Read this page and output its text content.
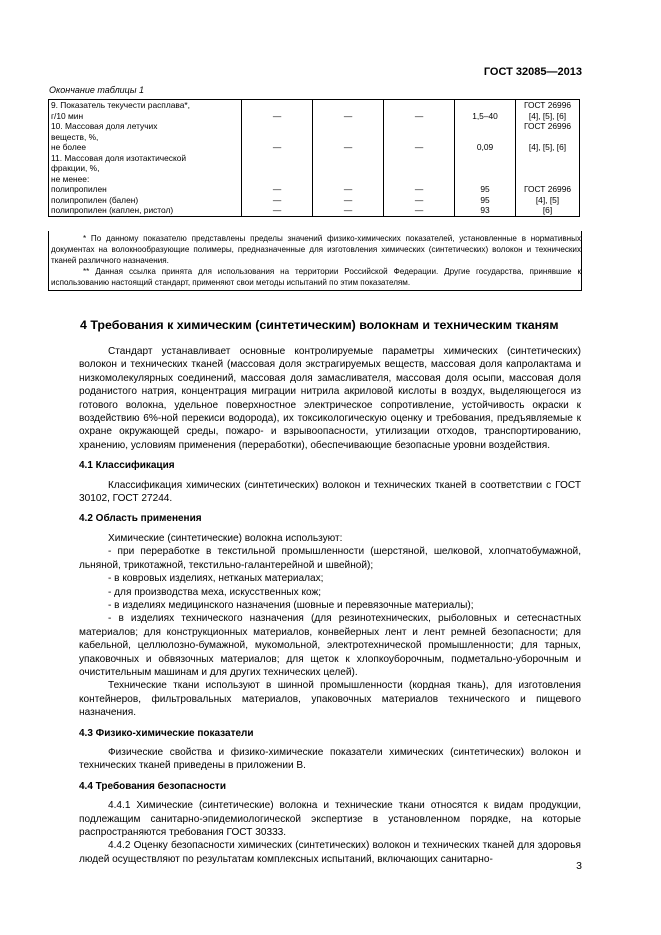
ГОСТ 32085—2013
Окончание таблицы 1
9. Показатель текучести расплава*,					ГОСТ 26996
г/10 мин	—	—	—	1,5–40	[4], [5], [6]
10. Массовая доля летучих					ГОСТ 26996
веществ, %,					
не более	—	—	—	0,09	[4], [5], [6]
11. Массовая доля изотактической					
фракции, %,					
не менее:					
полипропилен	—	—	—	95	ГОСТ 26996
полипропилен (бален)	—	—	—	95	[4], [5]
полипропилен (каплен, ристол)	—	—	—	93	[6]

* По данному показателю представлены пределы значений физико-химических показателей, установленные в нормативных документах на волокнообразующие полимеры, предназначенные для изготовления химических (синтетических) волокон и технических тканей различного назначения.

** Данная ссылка принята для использования на территории Российской Федерации. Другие государства, принявшие к использованию настоящий стандарт, применяют свои методы испытаний по этим показателям.

4 Требования к химическим (синтетическим) волокнам и техническим тканям

Стандарт устанавливает основные контролируемые параметры химических (синтетических) волокон и технических тканей (массовая доля экстрагируемых веществ, массовая доля капролактама и низкомолекулярных соединений, массовая доля замасливателя, массовая доля осыпи, массовая доля роданистого натрия, концентрация миграции нитрила акриловой кислоты в воздух, выделяющегося из готового волокна, удельное поверхностное электрическое сопротивление, устойчивость окраски к воздействию 6%-ной перекиси водорода), их токсикологическую оценку и требования, предъявляемые к охране окружающей среды, пожаро- и взрывоопасности, утилизации отходов, транспортированию, хранению, условиям применения (переработки), обеспечивающие безопасные уровни воздействия.

4.1 Классификация

Классификация химических (синтетических) волокон и технических тканей в соответствии с ГОСТ 30102, ГОСТ 27244.

4.2 Область применения

Химические (синтетические) волокна используют:

- при переработке в текстильной промышленности (шерстяной, шелковой, хлопчатобумажной, льняной, трикотажной, текстильно-галантерейной и швейной);

- в ковровых изделиях, нетканых материалах;

- для производства меха, искусственных кож;

- в изделиях медицинского назначения (шовные и перевязочные материалы);

- в изделиях технического назначения (для резинотехнических, рыболовных и сетеснастных материалов; для конструкционных материалов, конвейерных лент и лент ремней безопасности; для кабельной, целлюлозно-бумажной, мукомольной, электротехнической промышленности; для тарных, упаковочных и обвязочных материалов; для щеток к хлопкоуборочным, подметально-уборочным и очистительным машинам и для других технических целей).

Технические ткани используют в шинной промышленности (кордная ткань), для изготовления контейнеров, фильтровальных материалов, упаковочных материалов технического и пищевого назначения.

4.3 Физико-химические показатели

Физические свойства и физико-химические показатели химических (синтетических) волокон и технических тканей приведены в приложении В.

4.4 Требования безопасности

4.4.1 Химические (синтетические) волокна и технические ткани относятся к видам продукции, подлежащим санитарно-эпидемиологической экспертизе в установленном порядке, на которые распространяются требования ГОСТ 30333.

4.4.2 Оценку безопасности химических (синтетических) волокон и технических тканей для здоровья людей осуществляют по результатам комплексных испытаний, включающих санитарно-

3
